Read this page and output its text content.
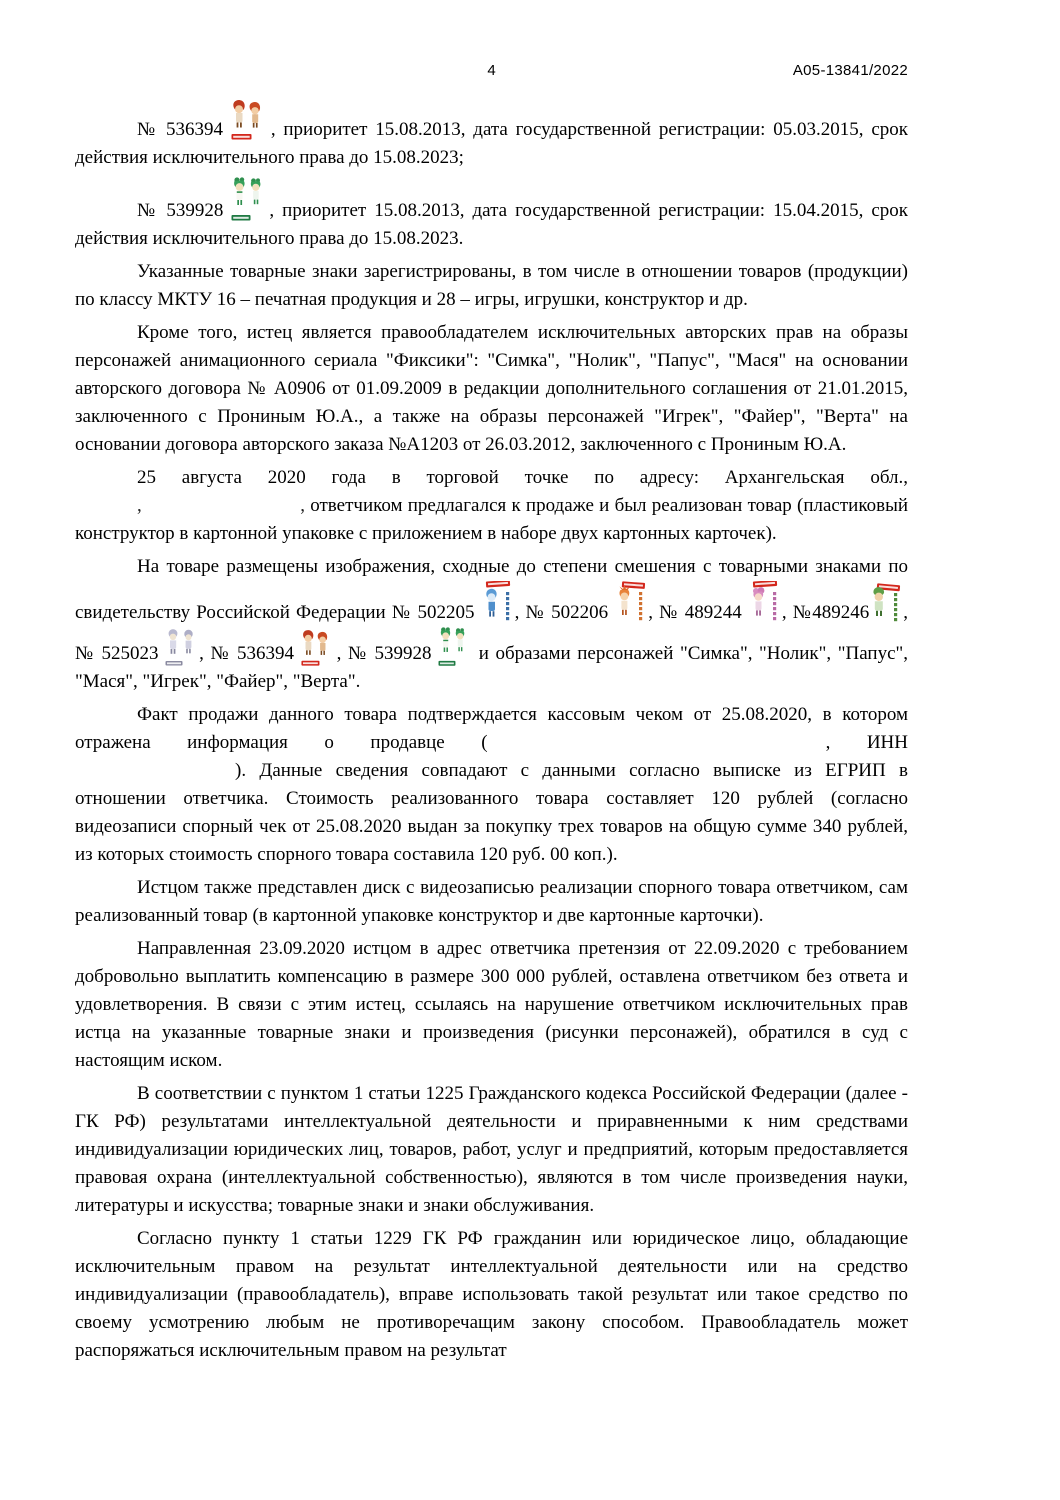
4	А05-13841/2022

№ 536394	, приоритет 15.08.2013, дата государственной регистрации: 05.03.2015, срок действия исключительного права до 15.08.2023;

№ 539928 , приоритет 15.08.2013, дата государственной регистрации: 15.04.2015, срок действия исключительного права до 15.08.2023.

Указанные товарные знаки зарегистрированы, в том числе в отношении товаров (продукции) по классу МКТУ 16 – печатная продукция и 28 – игры, игрушки, конструктор и др.

Кроме того, истец является правообладателем исключительных авторских прав на образы персонажей анимационного сериала "Фиксики": "Симка", "Нолик", "Папус", "Мася" на основании авторского договора № А0906 от 01.09.2009 в редакции дополнительного соглашения от 21.01.2015, заключенного с Прониным Ю.А., а также на образы персонажей "Игрек", "Файер", "Верта" на основании договора авторского заказа №А1203 от 26.03.2012, заключенного с Прониным Ю.А.

25 августа 2020 года в торговой точке по адресу: Архангельская обл.,
,	, ответчиком предлагался к продаже и был реализован товар (пластиковый конструктор в картонной упаковке с приложением в наборе двух картонных карточек).

На товаре размещены изображения, сходные до степени смешения с товарными знаками по свидетельству Российской Федерации № 502205 , № 502206 , № 489244 , №489246 , № 525023 , № 536394 , № 539928 и образами персонажей "Симка", "Нолик", "Папус", "Мася", "Игрек", "Файер", "Верта".

Факт продажи данного товара подтверждается кассовым чеком от 25.08.2020, в котором отражена информация о продавце (	, ИНН ). Данные сведения совпадают с данными согласно выписке из ЕГРИП в отношении ответчика. Стоимость реализованного товара составляет 120 рублей (согласно видеозаписи спорный чек от 25.08.2020 выдан за покупку трех товаров на общую сумме 340 рублей, из которых стоимость спорного товара составила 120 руб. 00 коп.).

Истцом также представлен диск с видеозаписью реализации спорного товара ответчиком, сам реализованный товар (в картонной упаковке конструктор и две картонные карточки).

Направленная 23.09.2020 истцом в адрес ответчика претензия от 22.09.2020 с требованием добровольно выплатить компенсацию в размере 300 000 рублей, оставлена ответчиком без ответа и удовлетворения. В связи с этим истец, ссылаясь на нарушение ответчиком исключительных прав истца на указанные товарные знаки и произведения (рисунки персонажей), обратился в суд с настоящим иском.

В соответствии с пунктом 1 статьи 1225 Гражданского кодекса Российской Федерации (далее - ГК РФ) результатами интеллектуальной деятельности и приравненными к ним средствами индивидуализации юридических лиц, товаров, работ, услуг и предприятий, которым предоставляется правовая охрана (интеллектуальной собственностью), являются в том числе произведения науки, литературы и искусства; товарные знаки и знаки обслуживания.

Согласно пункту 1 статьи 1229 ГК РФ гражданин или юридическое лицо, обладающие исключительным правом на результат интеллектуальной деятельности или на средство индивидуализации (правообладатель), вправе использовать такой результат или такое средство по своему усмотрению любым не противоречащим закону способом. Правообладатель может распоряжаться исключительным правом на результат
